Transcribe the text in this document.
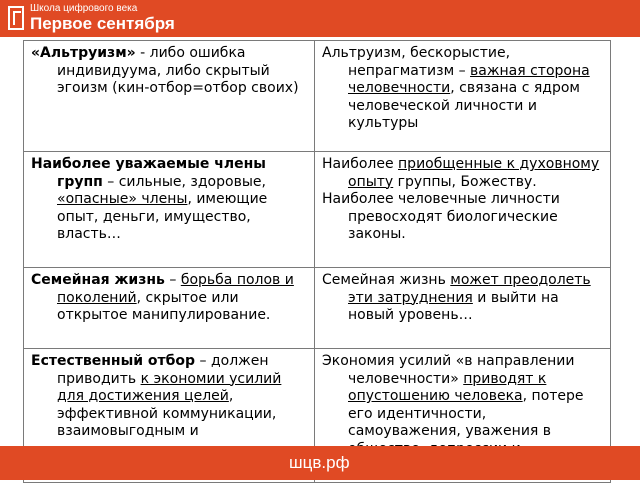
Школа цифрового века
Первое сентября

«Альтруизм» - либо ошибка индивидуума, либо скрытый эгоизм (кин-отбор=отбор своих)	Альтруизм, бескорыстие, непрагматизм – важная сторона человечности, связана с ядром человеческой личности и культуры

Наиболее уважаемые члены групп – сильные, здоровые, «опасные» члены, имеющие опыт, деньги, имущество, власть…	Наиболее приобщенные к духовному опыту группы, Божеству.

Наиболее человечные личности превосходят биологические законы.

Семейная жизнь – борьба полов и поколений, скрытое или открытое манипулирование.	Семейная жизнь может преодолеть эти затруднения и выйти на новый уровень…

Естественный отбор – должен приводить к экономии усилий для достижения целей, эффективной коммуникации, взаимовыгодным и	Экономия усилий «в направлении человечности» приводят к опустошению человека, потере его идентичности, самоуважения, уважения в

шцв.рф
